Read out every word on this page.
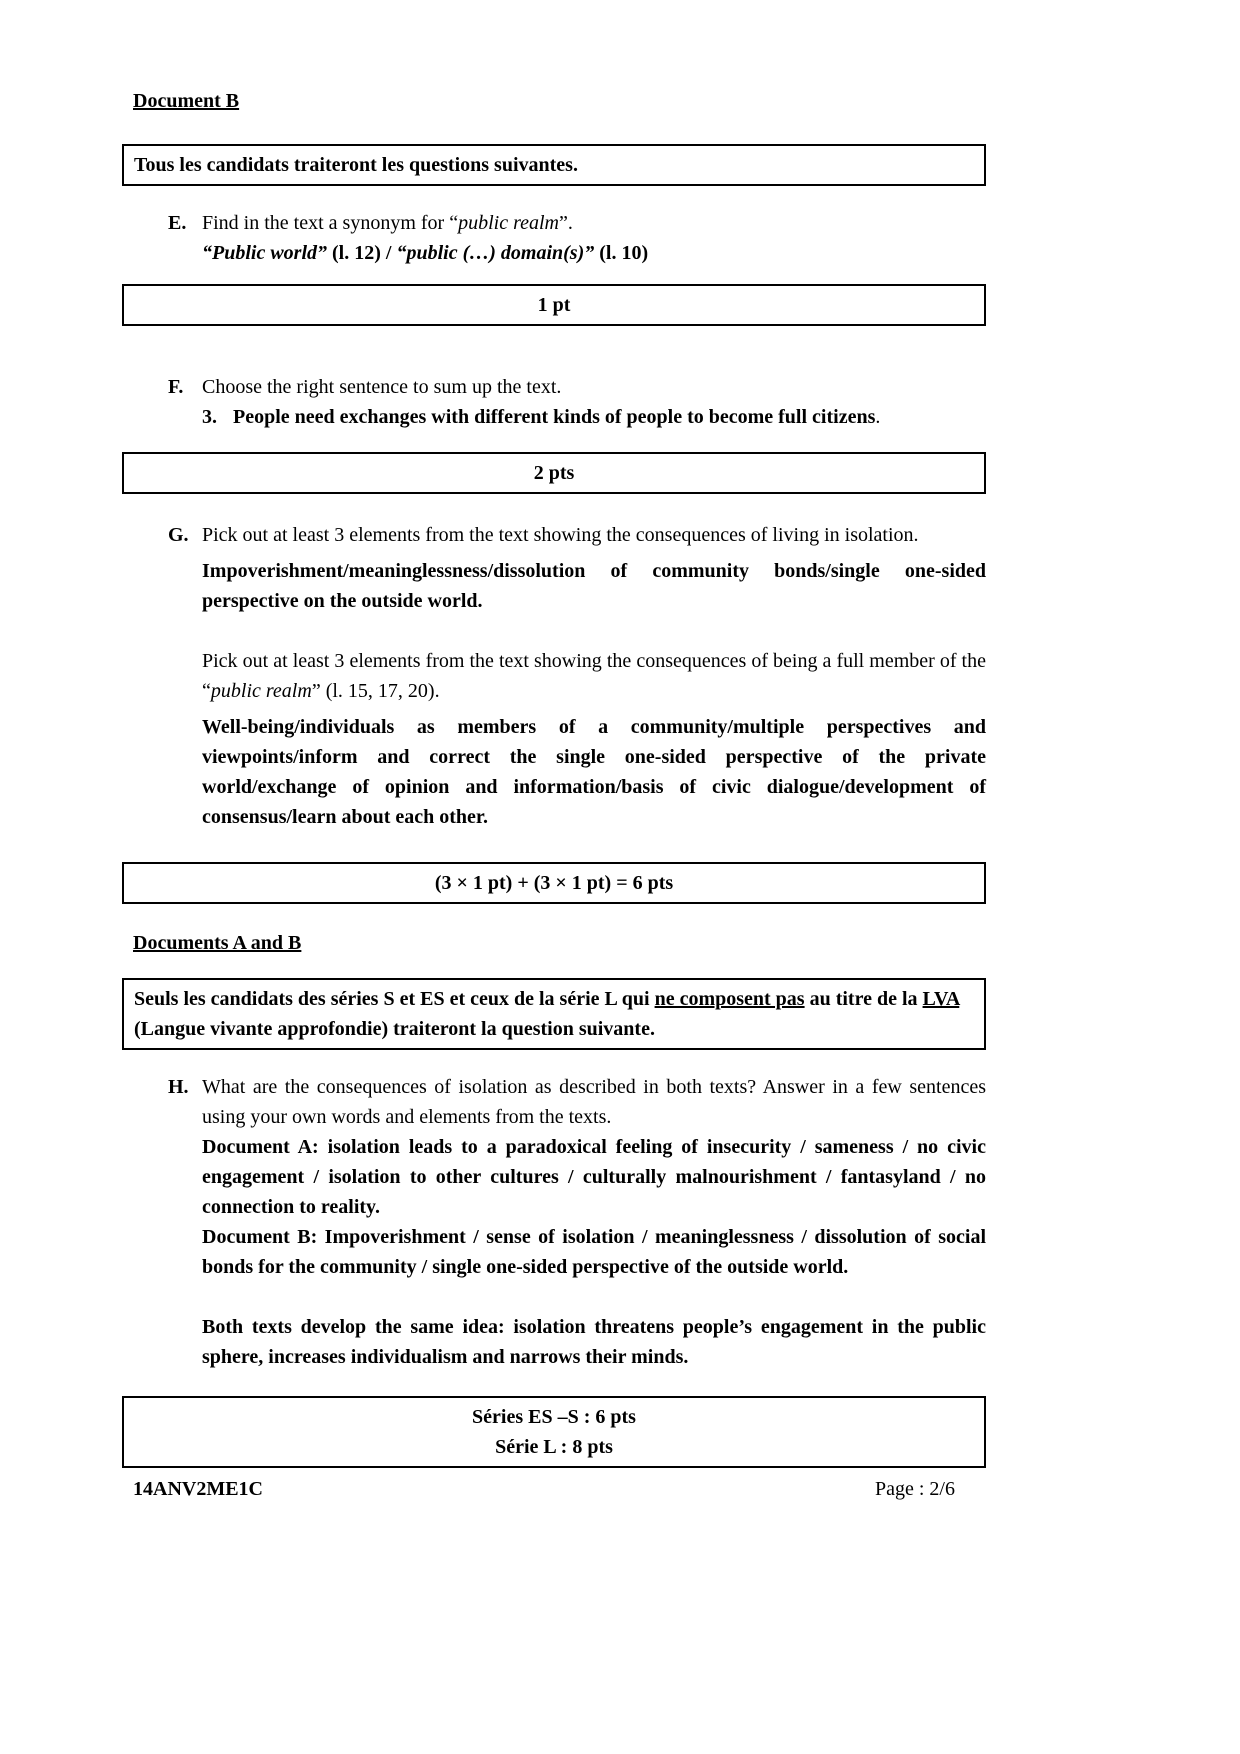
Document B
Tous les candidats traiteront les questions suivantes.
E. Find in the text a synonym for “public realm”.

“Public world” (l. 12) / “public (…) domain(s)” (l. 10)

1 pt
F. Choose the right sentence to sum up the text.

3. People need exchanges with different kinds of people to become full citizens.

2 pts
G. Pick out at least 3 elements from the text showing the consequences of living in isolation.

Impoverishment/meaninglessness/dissolution of community bonds/single one-sided perspective on the outside world.

Pick out at least 3 elements from the text showing the consequences of being a full member of the “public realm” (l. 15, 17, 20).

Well-being/individuals as members of a community/multiple perspectives and viewpoints/inform and correct the single one-sided perspective of the private world/exchange of opinion and information/basis of civic dialogue/development of consensus/learn about each other.

(3 × 1 pt) + (3 × 1 pt) = 6 pts
Documents A and B
Seuls les candidats des séries S et ES et ceux de la série L qui ne composent pas au titre de la LVA (Langue vivante approfondie) traiteront la question suivante.
H. What are the consequences of isolation as described in both texts? Answer in a few sentences using your own words and elements from the texts.

Document A: isolation leads to a paradoxical feeling of insecurity / sameness / no civic engagement / isolation to other cultures / culturally malnourishment / fantasyland / no connection to reality.

Document B: Impoverishment / sense of isolation / meaninglessness / dissolution of social bonds for the community / single one-sided perspective of the outside world.

Both texts develop the same idea: isolation threatens people’s engagement in the public sphere, increases individualism and narrows their minds.

Séries ES –S : 6 pts
Série L : 8 pts
14ANV2ME1C	Page : 2/6
